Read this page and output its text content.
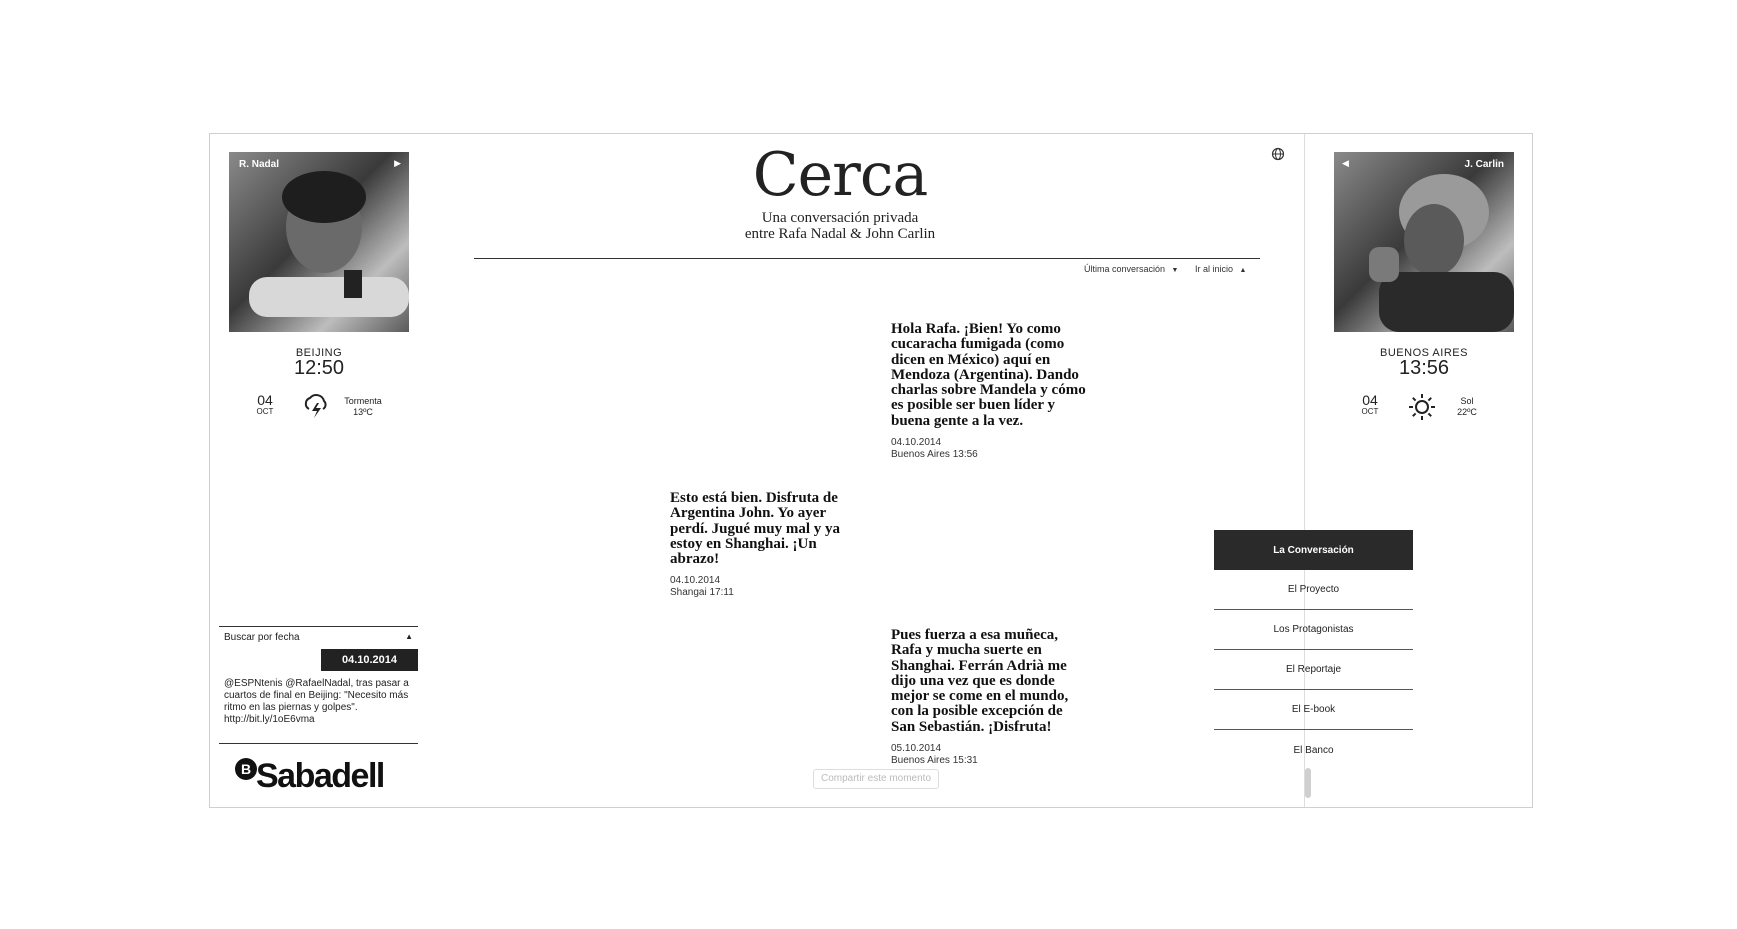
R. Nadal	▶
BEIJING
12:50
04
OCT
Tormenta
13ºC
Buscar por fecha	▲
04.10.2014
@ESPNtenis @RafaelNadal, tras pasar a cuartos de final en Beijing: "Necesito más ritmo en las piernas y golpes". http://bit.ly/1oE6vma
B Sabadell
Cerca
Una conversación privada
entre Rafa Nadal & John Carlin
Última conversación ▼ Ir al inicio ▲
Hola Rafa. ¡Bien! Yo como cucaracha fumigada (como dicen en México) aquí en Mendoza (Argentina). Dando charlas sobre Mandela y cómo es posible ser buen líder y buena gente a la vez.
04.10.2014
Buenos Aires 13:56
Esto está bien. Disfruta de Argentina John. Yo ayer perdí. Jugué muy mal y ya estoy en Shanghai. ¡Un abrazo!
04.10.2014
Shangai 17:11
Pues fuerza a esa muñeca, Rafa y mucha suerte en Shanghai. Ferrán Adrià me dijo una vez que es donde mejor se come en el mundo, con la posible excepción de San Sebastián. ¡Disfruta!
05.10.2014
Buenos Aires 15:31
Compartir este momento
◀	J. Carlin
BUENOS AIRES
13:56
04
OCT
Sol
22ºC
La Conversación
El Proyecto
Los Protagonistas
El Reportaje
El E-book
El Banco
